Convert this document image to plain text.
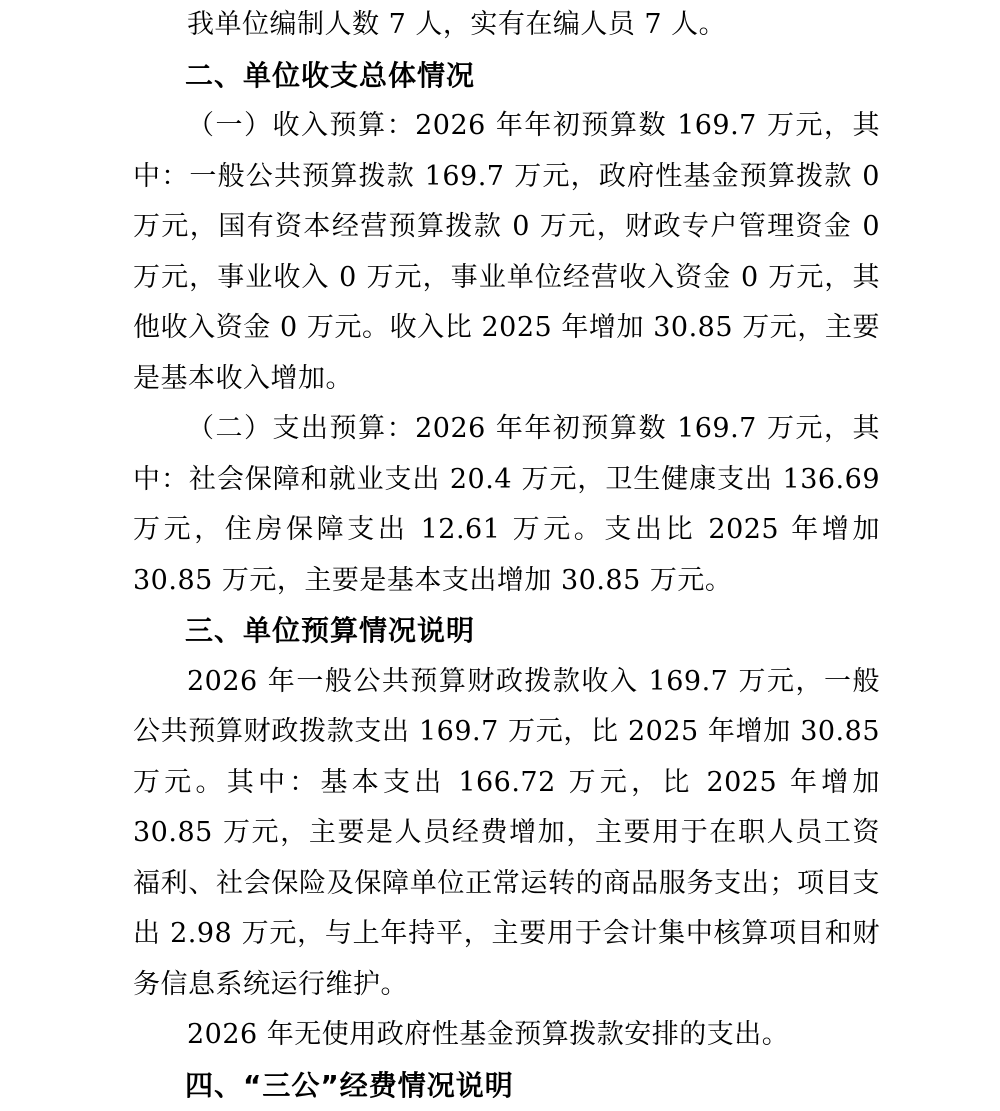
我单位编制人数 7 人，实有在编人员 7 人。

二、单位收支总体情况

（一）收入预算：2026 年年初预算数 169.7 万元，其中：一般公共预算拨款 169.7 万元，政府性基金预算拨款 0 万元，国有资本经营预算拨款 0 万元，财政专户管理资金 0 万元，事业收入 0 万元，事业单位经营收入资金 0 万元，其他收入资金 0 万元。收入比 2025 年增加 30.85 万元，主要是基本收入增加。

（二）支出预算：2026 年年初预算数 169.7 万元，其中：社会保障和就业支出 20.4 万元，卫生健康支出 136.69 万元，住房保障支出 12.61 万元。支出比 2025 年增加 30.85 万元，主要是基本支出增加 30.85 万元。

三、单位预算情况说明

2026 年一般公共预算财政拨款收入 169.7 万元，一般公共预算财政拨款支出 169.7 万元，比 2025 年增加 30.85 万元。其中：基本支出 166.72 万元，比 2025 年增加 30.85 万元，主要是人员经费增加，主要用于在职人员工资福利、社会保险及保障单位正常运转的商品服务支出；项目支出 2.98 万元，与上年持平，主要用于会计集中核算项目和财务信息系统运行维护。

2026 年无使用政府性基金预算拨款安排的支出。

四、“三公”经费情况说明
